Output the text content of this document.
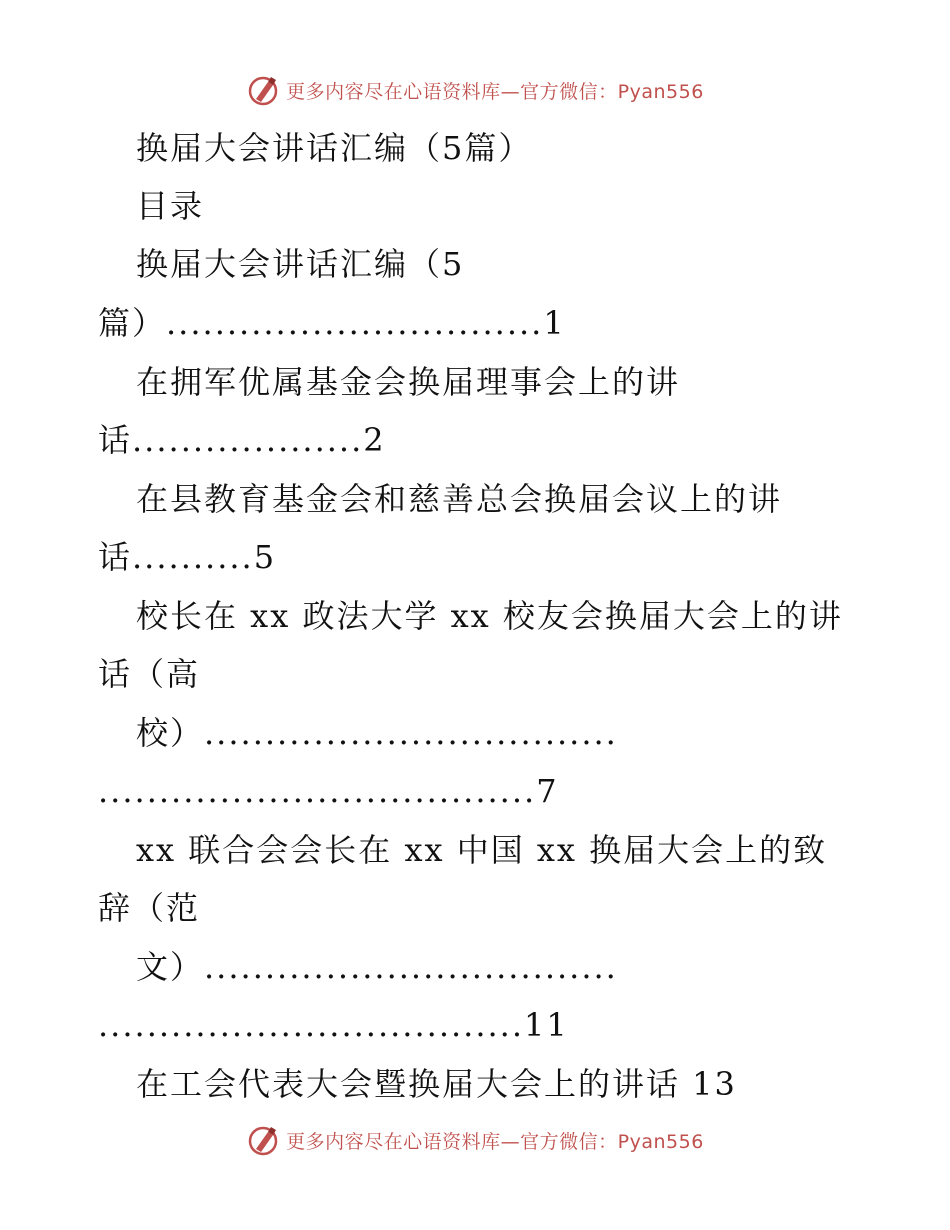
更多内容尽在心语资料库—官方微信：Pyan556
换届大会讲话汇编（5篇）
目录
换届大会讲话汇编（5
篇）...............................1
在拥军优属基金会换届理事会上的讲
话...................2
在县教育基金会和慈善总会换届会议上的讲
话..........5
校长在 xx 政法大学 xx 校友会换届大会上的讲
话（高
校）..................................
....................................7
xx 联合会会长在 xx 中国 xx 换届大会上的致
辞（范
文）..................................
...................................11
在工会代表大会暨换届大会上的讲话 13
更多内容尽在心语资料库—官方微信：Pyan556
